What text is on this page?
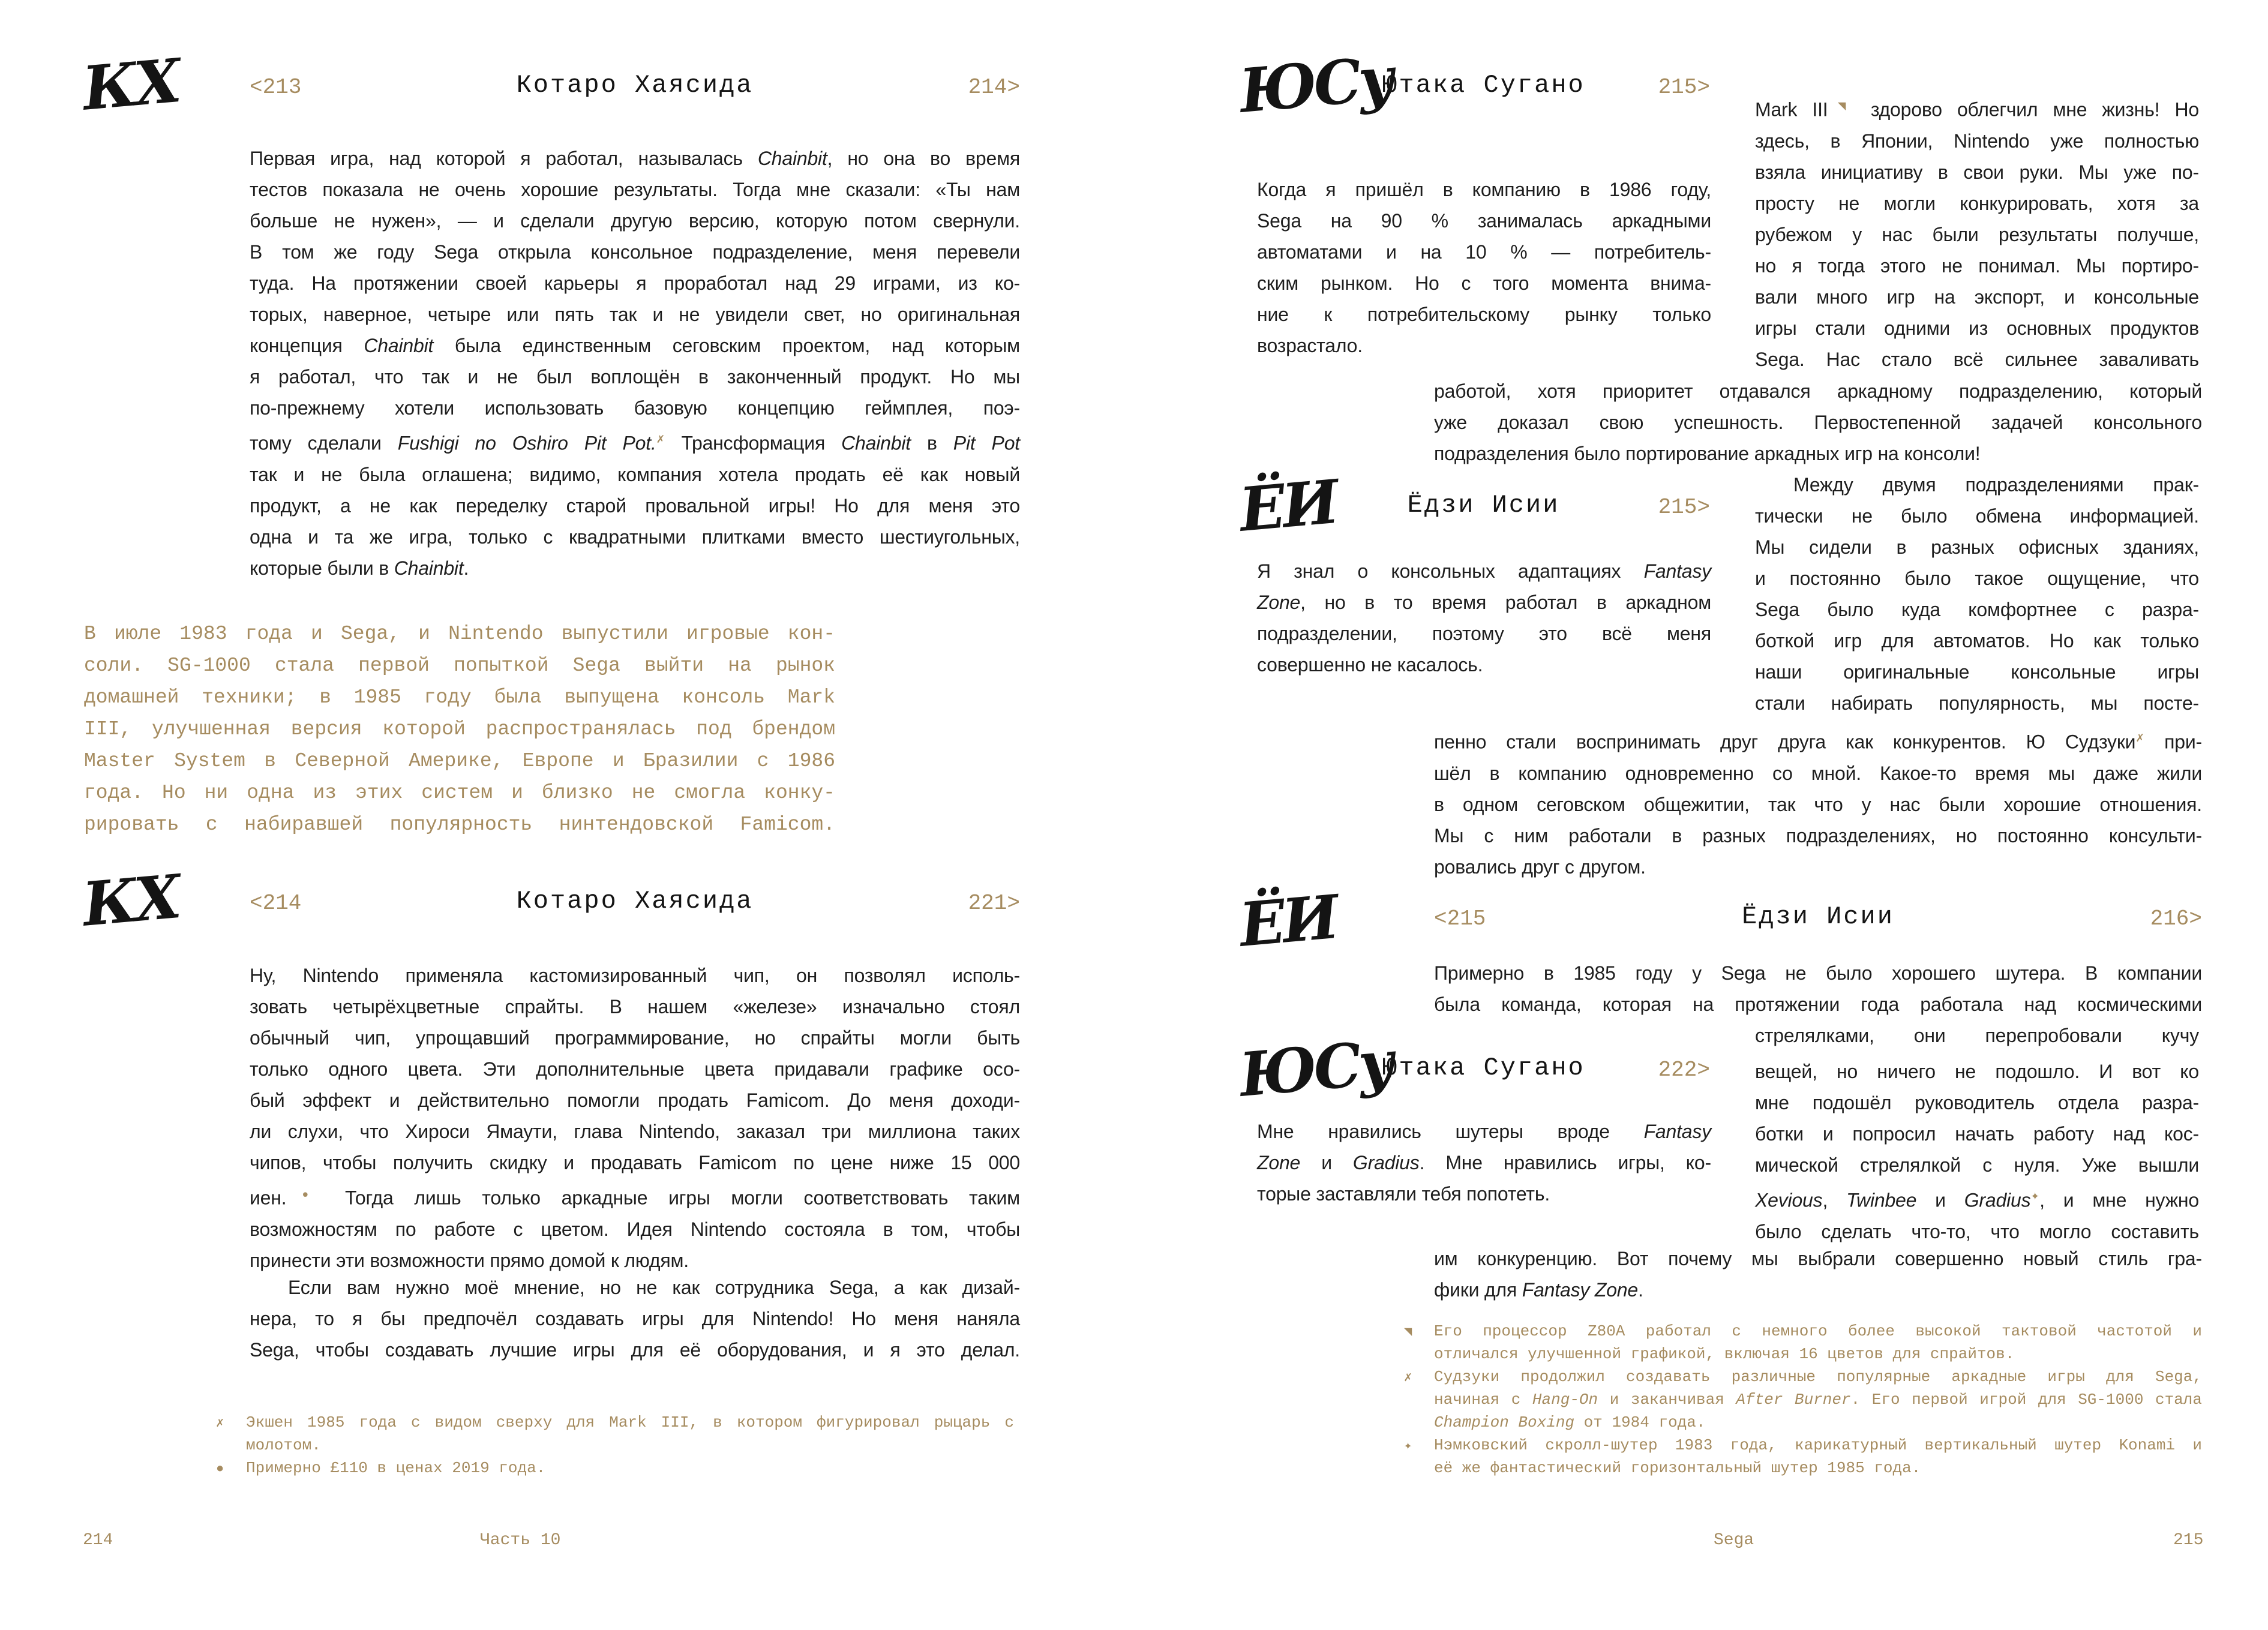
КХ	<213	Котаро Хаясида	214>
Первая игра, над которой я работал, называлась Chainbit, но она во время
тестов показала не очень хорошие результаты. Тогда мне сказали: «Ты нам
больше не нужен», — и сделали другую версию, которую потом свернули.
В том же году Sega открыла консольное подразделение, меня перевели
туда. На протяжении своей карьеры я проработал над 29 играми, из ко-
торых, наверное, четыре или пять так и не увидели свет, но оригинальная
концепция Chainbit была единственным сеговским проектом, над которым
я работал, что так и не был воплощён в законченный продукт. Но мы
по-прежнему хотели использовать базовую концепцию геймплея, поэ-
тому сделали Fushigi no Oshiro Pit Pot.✗ Трансформация Chainbit в Pit Pot
так и не была оглашена; видимо, компания хотела продать её как новый
продукт, а не как переделку старой провальной игры! Но для меня это
одна и та же игра, только с квадратными плитками вместо шестиугольных,
которые были в Chainbit.
В июле 1983 года и Sega, и Nintendo выпустили игровые кон-
соли. SG-1000 стала первой попыткой Sega выйти на рынок
домашней техники; в 1985 году была выпущена консоль Mark
III, улучшенная версия которой распространялась под брендом
Master System в Северной Америке, Европе и Бразилии с 1986
года. Но ни одна из этих систем и близко не смогла конку-
рировать с набиравшей популярность нинтендовской Famicom.
КХ	<214	Котаро Хаясида	221>
Ну, Nintendo применяла кастомизированный чип, он позволял исполь-
зовать четырёхцветные спрайты. В нашем «железе» изначально стоял
обычный чип, упрощавший программирование, но спрайты могли быть
только одного цвета. Эти дополнительные цвета придавали графике осо-
бый эффект и действительно помогли продать Famicom. До меня доходи-
ли слухи, что Хироси Ямаути, глава Nintendo, заказал три миллиона таких
чипов, чтобы получить скидку и продавать Famicom по цене ниже 15 000
иен.● Тогда лишь только аркадные игры могли соответствовать таким
возможностям по работе с цветом. Идея Nintendo состояла в том, чтобы
принести эти возможности прямо домой к людям.
Если вам нужно моё мнение, но не как сотрудника Sega, а как дизай-
нера, то я бы предпочёл создавать игры для Nintendo! Но меня наняла
Sega, чтобы создавать лучшие игры для её оборудования, и я это делал.
✗	Экшен 1985 года с видом сверху для Mark III, в котором фигурировал рыцарь с
молотом.
●	Примерно £110 в ценах 2019 года.
214	Часть 10
ЮСу
Ютака Сугано	215>
Mark III◥ здорово облегчил мне жизнь! Но
здесь, в Японии, Nintendo уже полностью
взяла инициативу в свои руки. Мы уже по-
просту не могли конкурировать, хотя за
рубежом у нас были результаты получше,
но я тогда этого не понимал. Мы портиро-
вали много игр на экспорт, и консольные
игры стали одними из основных продуктов
Sega. Нас стало всё сильнее заваливать
Когда я пришёл в компанию в 1986 году,
Sega на 90 % занималась аркадными
автоматами и на 10 % — потребитель-
ским рынком. Но с того момента внима-
ние к потребительскому рынку только
возрастало.
работой, хотя приоритет отдавался аркадному подразделению, который
уже доказал свою успешность. Первостепенной задачей консольного
подразделения было портирование аркадных игр на консоли!
Между двумя подразделениями прак-
тически не было обмена информацией.
Мы сидели в разных офисных зданиях,
и постоянно было такое ощущение, что
Sega было куда комфортнее с разра-
боткой игр для автоматов. Но как только
наши оригинальные консольные игры
стали набирать популярность, мы посте-
ЁИ	Ёдзи Исии	215>
Я знал о консольных адаптациях Fantasy
Zone, но в то время работал в аркадном
подразделении, поэтому это всё меня
совершенно не касалось.
пенно стали воспринимать друг друга как конкурентов. Ю Судзуки✗ при-
шёл в компанию одновременно со мной. Какое-то время мы даже жили
в одном сеговском общежитии, так что у нас были хорошие отношения.
Мы с ним работали в разных подразделениях, но постоянно консульти-
ровались друг с другом.
ЁИ	<215	Ёдзи Исии	216>
Примерно в 1985 году у Sega не было хорошего шутера. В компании
была команда, которая на протяжении года работала над космическими
стрелялками, они перепробовали кучу
ЮСу
Ютака Сугано	222> вещей, но ничего не подошло. И вот ко
мне подошёл руководитель отдела разра-
ботки и попросил начать работу над кос-
мической стрелялкой с нуля. Уже вышли
Xevious, Twinbee и Gradius✦, и мне нужно
было сделать что-то, что могло составить
Мне нравились шутеры вроде Fantasy
Zone и Gradius. Мне нравились игры, ко-
торые заставляли тебя попотеть.
им конкуренцию. Вот почему мы выбрали совершенно новый стиль гра-
фики для Fantasy Zone.
◥	Его процессор Z80A работал с немного более высокой тактовой частотой и
отличался улучшенной графикой, включая 16 цветов для спрайтов.
✗	Судзуки продолжил создавать различные популярные аркадные игры для Sega,
начиная с Hang-On и заканчивая After Burner. Его первой игрой для SG-1000 стала
Champion Boxing от 1984 года.
✦	Нэмковский скролл-шутер 1983 года, карикатурный вертикальный шутер Konami и
её же фантастический горизонтальный шутер 1985 года.
Sega	215
